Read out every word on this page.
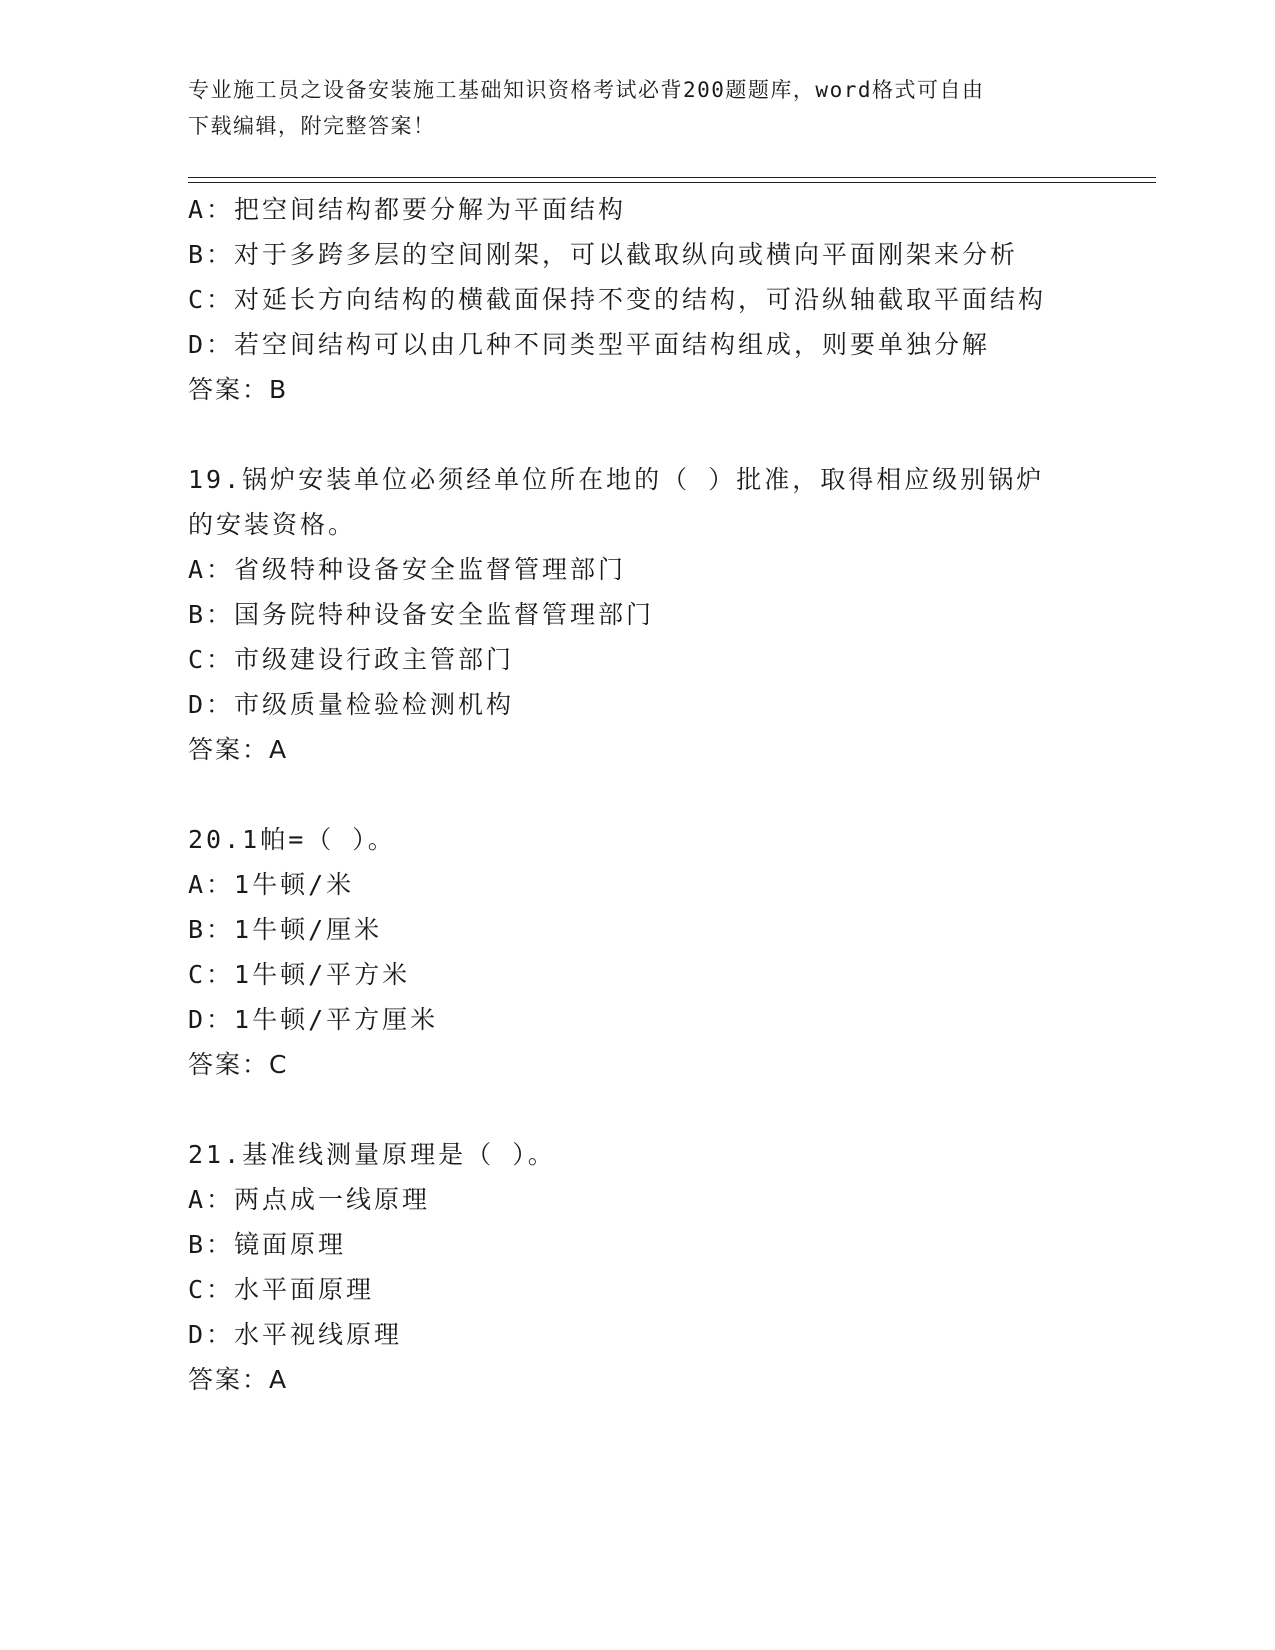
专业施工员之设备安装施工基础知识资格考试必背200题题库，word格式可自由
下载编辑，附完整答案！
A：把空间结构都要分解为平面结构
B：对于多跨多层的空间刚架，可以截取纵向或横向平面刚架来分析
C：对延长方向结构的横截面保持不变的结构，可沿纵轴截取平面结构
D：若空间结构可以由几种不同类型平面结构组成，则要单独分解
答案：B
19.锅炉安装单位必须经单位所在地的（ ）批准，取得相应级别锅炉
的安装资格。
A：省级特种设备安全监督管理部门
B：国务院特种设备安全监督管理部门
C：市级建设行政主管部门
D：市级质量检验检测机构
答案：A
20.1帕=（ ）。
A：1牛顿/米
B：1牛顿/厘米
C：1牛顿/平方米
D：1牛顿/平方厘米
答案：C
21.基准线测量原理是（ ）。
A：两点成一线原理
B：镜面原理
C：水平面原理
D：水平视线原理
答案：A
